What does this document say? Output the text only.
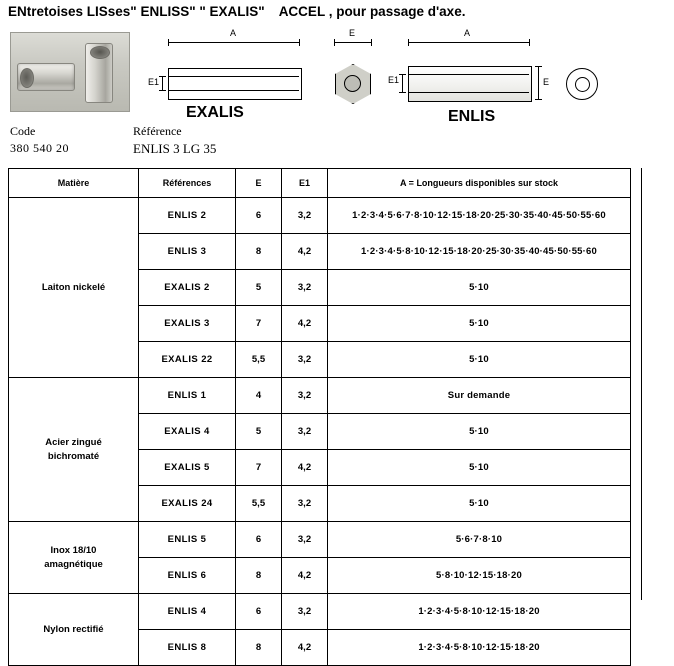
ENtretoises LISses" ENLISS" " EXALIS" ACCEL , pour passage d'axe.
A
E1
EXALIS
E	A
E1	E
ENLIS
Code
380 540 20
Référence
ENLIS 3 LG 35
Matière	Références	E	E1	A = Longueurs disponibles sur stock
Laiton nickelé	ENLIS 2	6	3,2	1·2·3·4·5·6·7·8·10·12·15·18·20·25·30·35·40·45·50·55·60
	ENLIS 3	8	4,2	1·2·3·4·5·8·10·12·15·18·20·25·30·35·40·45·50·55·60
	EXALIS 2	5	3,2	5·10
	EXALIS 3	7	4,2	5·10
	EXALIS 22	5,5	3,2	5·10
Acier zingué
bichromaté	ENLIS 1	4	3,2	Sur demande
	EXALIS 4	5	3,2	5·10
	EXALIS 5	7	4,2	5·10
	EXALIS 24	5,5	3,2	5·10
Inox 18/10
amagnétique	ENLIS 5	6	3,2	5·6·7·8·10
	ENLIS 6	8	4,2	5·8·10·12·15·18·20
Nylon rectifié	ENLIS 4	6	3,2	1·2·3·4·5·8·10·12·15·18·20
	ENLIS 8	8	4,2	1·2·3·4·5·8·10·12·15·18·20
